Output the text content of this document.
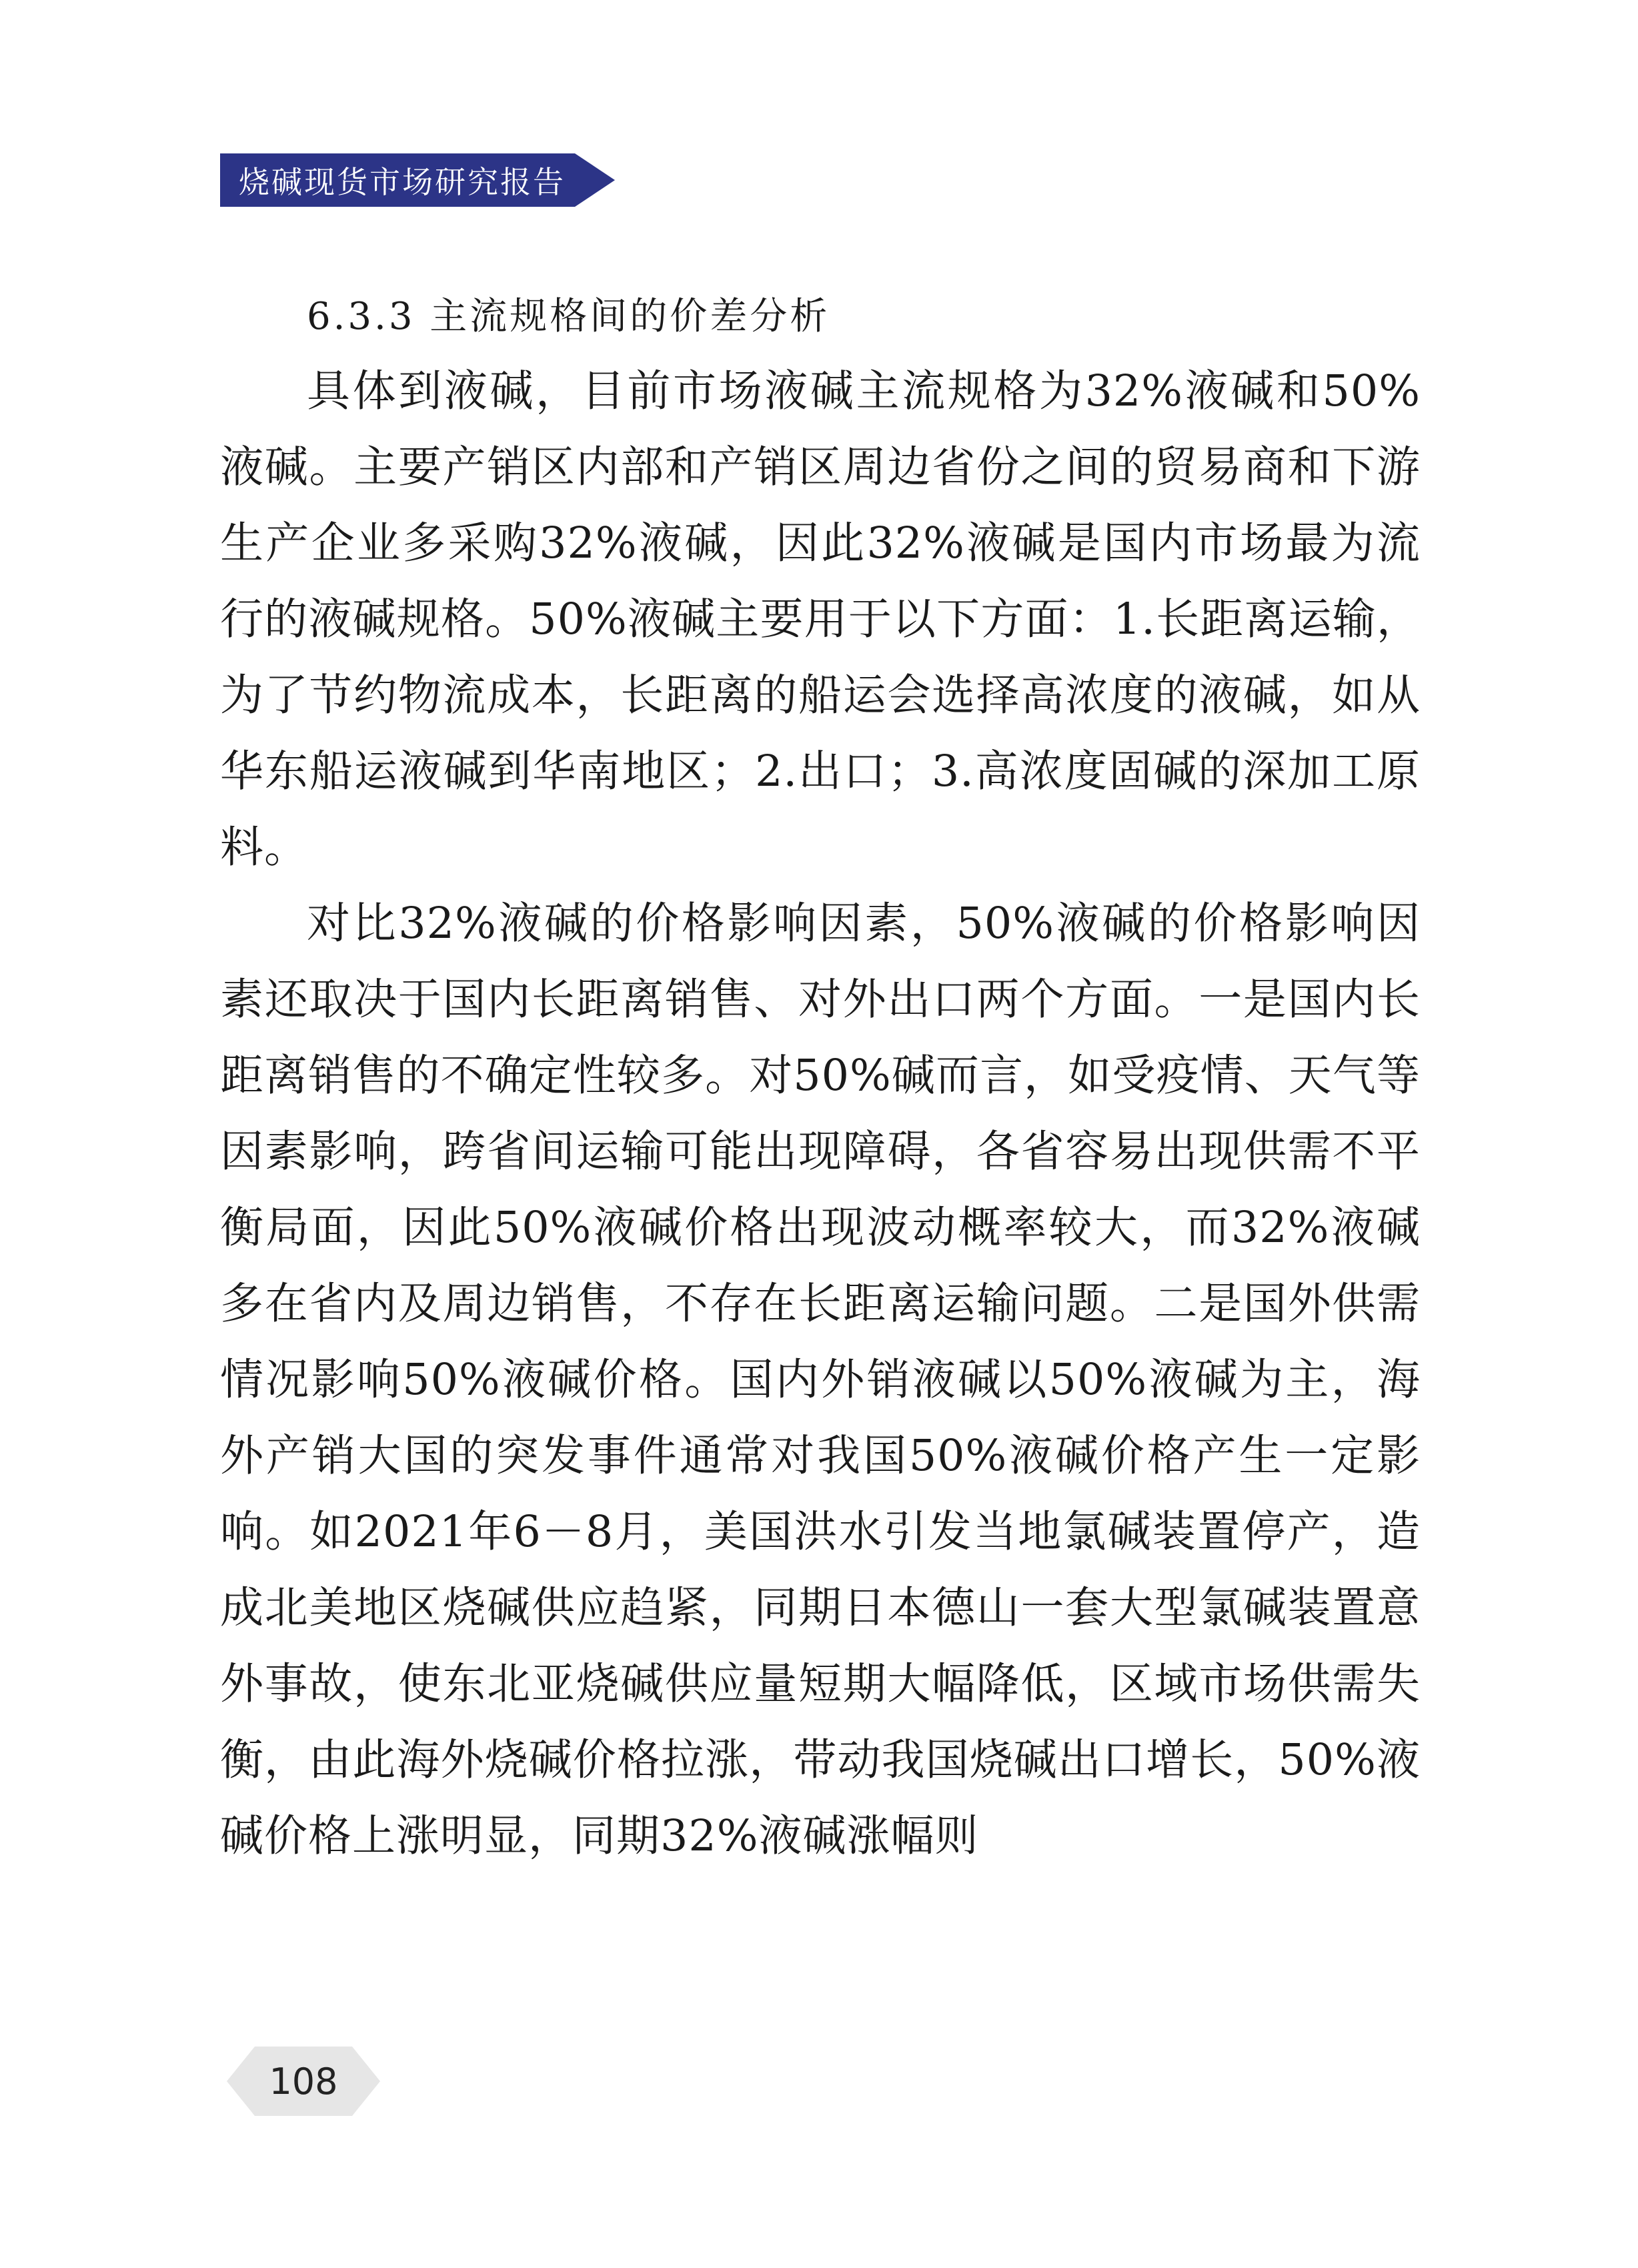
烧碱现货市场研究报告
6.3.3 主流规格间的价差分析

具体到液碱，目前市场液碱主流规格为32%液碱和50%液碱。主要产销区内部和产销区周边省份之间的贸易商和下游生产企业多采购32%液碱，因此32%液碱是国内市场最为流行的液碱规格。50%液碱主要用于以下方面：1.长距离运输，为了节约物流成本，长距离的船运会选择高浓度的液碱，如从华东船运液碱到华南地区；2.出口；3.高浓度固碱的深加工原料。

对比32%液碱的价格影响因素，50%液碱的价格影响因素还取决于国内长距离销售、对外出口两个方面。一是国内长距离销售的不确定性较多。对50%碱而言，如受疫情、天气等因素影响，跨省间运输可能出现障碍，各省容易出现供需不平衡局面，因此50%液碱价格出现波动概率较大，而32%液碱多在省内及周边销售，不存在长距离运输问题。二是国外供需情况影响50%液碱价格。国内外销液碱以50%液碱为主，海外产销大国的突发事件通常对我国50%液碱价格产生一定影响。如2021年6－8月，美国洪水引发当地氯碱装置停产，造成北美地区烧碱供应趋紧，同期日本德山一套大型氯碱装置意外事故，使东北亚烧碱供应量短期大幅降低，区域市场供需失衡，由此海外烧碱价格拉涨，带动我国烧碱出口增长，50%液碱价格上涨明显，同期32%液碱涨幅则

108
